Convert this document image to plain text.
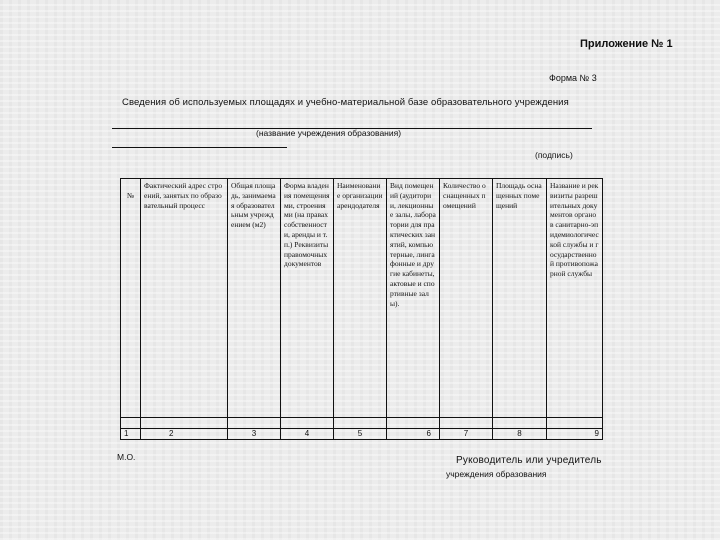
Приложение № 1
Форма № 3
Сведения об используемых площадях и учебно-материальной базе образовательного учреждения
(название учреждения образования)
(подпись)
№	Фактический адрес строений, занятых по образовательный процесс	Общая площадь, занимаемая образовательным учреждением (м2)	Форма владения помещениями, строениями (на правах собственности, аренды и т.п.) Реквизиты правомочных документов	Наименование организации арендодателя	Вид помещений (аудитории, лекционные залы, лаборатории для практических занятий, компьютерные, лингафонные и другие кабинеты, актовые и спортивные залы).	Количество оснащенных помещений	Площадь оснащенных помещений	Название и реквизиты разрешительных документов органов санитарно-эпидемиологической службы и государственной противопожарной службы

1	2	3	4	5	6	7	8	9
М.О.	Руководитель или учредитель
учреждения образования
